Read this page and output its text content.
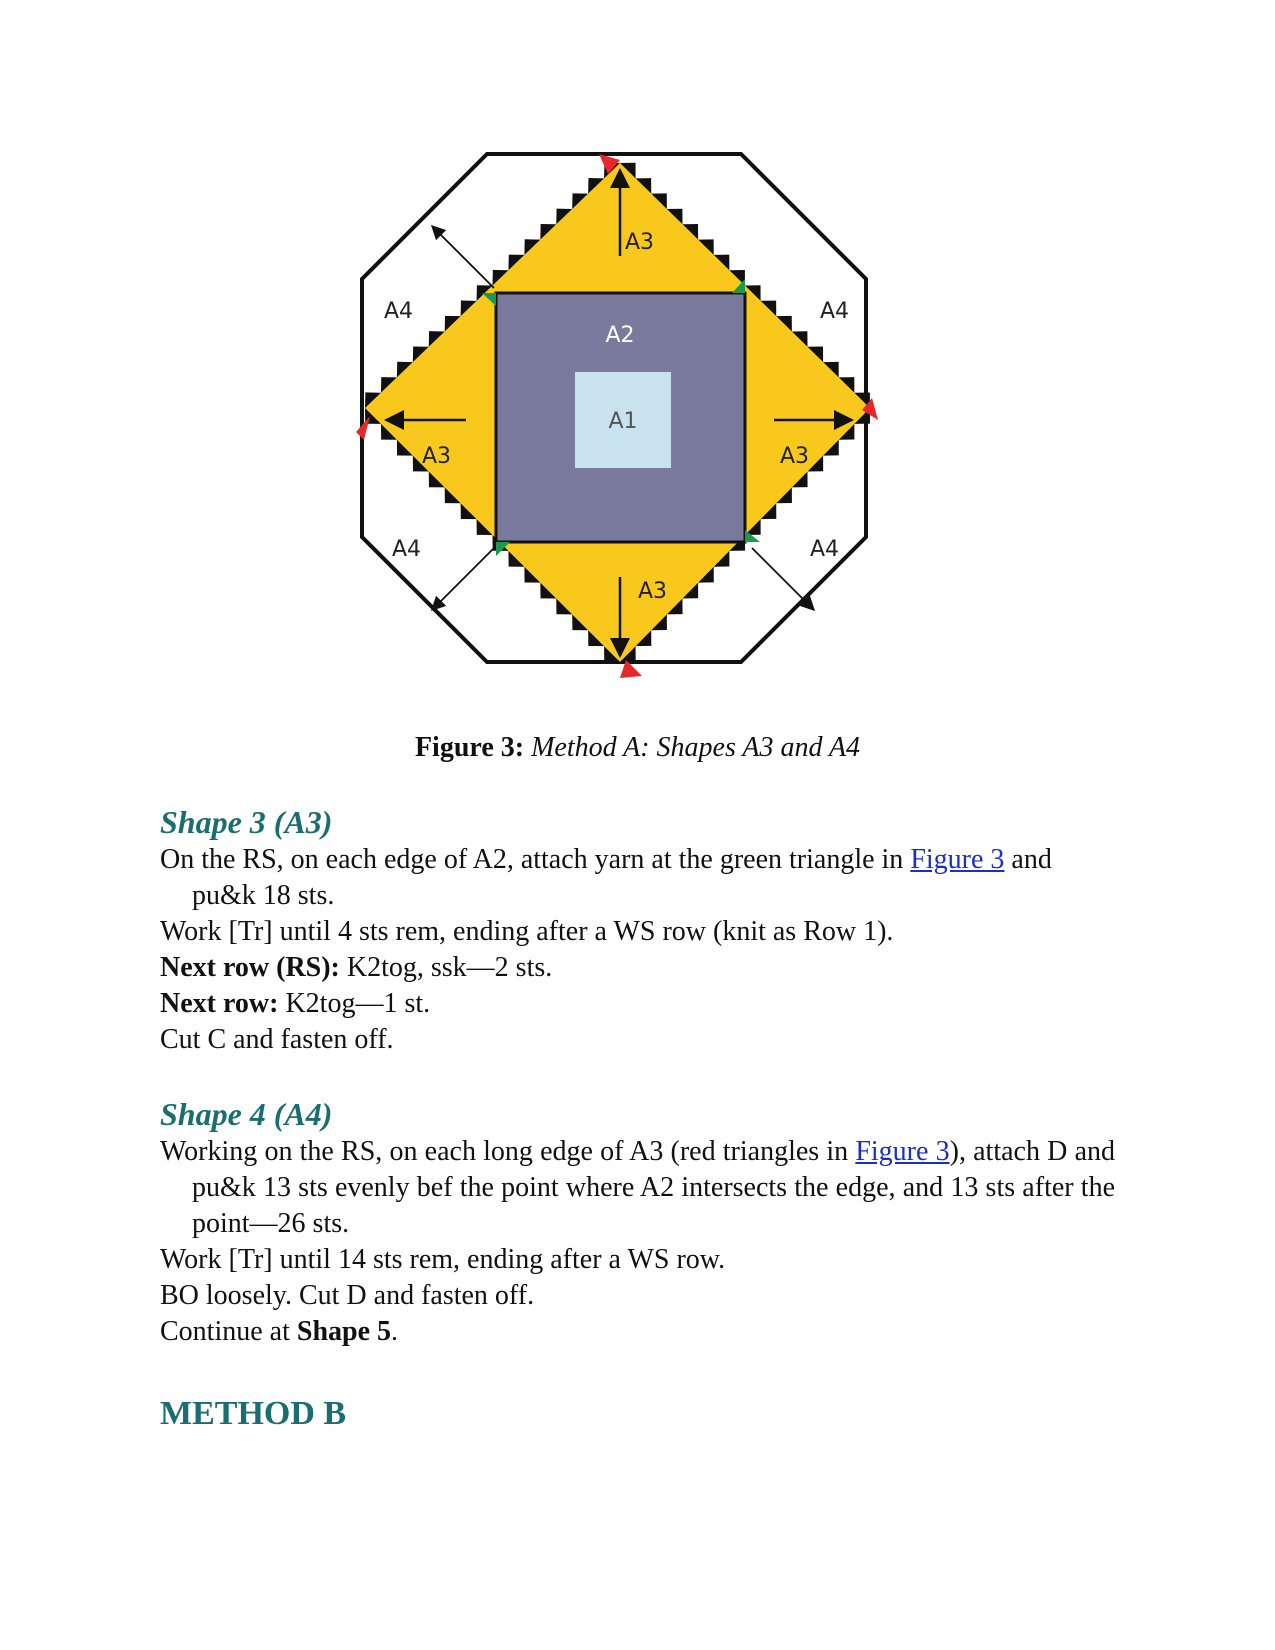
A1
A2
A3
A3	A3
A3
A4	A4
A4	A4
Figure 3: Method A: Shapes A3 and A4
Shape 3 (A3)

On the RS, on each edge of A2, attach yarn at the green triangle in Figure 3 and pu&k 18 sts.

Work [Tr] until 4 sts rem, ending after a WS row (knit as Row 1).

Next row (RS): K2tog, ssk—2 sts.

Next row: K2tog—1 st.

Cut C and fasten off.

Shape 4 (A4)

Working on the RS, on each long edge of A3 (red triangles in Figure 3), attach D and pu&k 13 sts evenly bef the point where A2 intersects the edge, and 13 sts after the point—26 sts.

Work [Tr] until 14 sts rem, ending after a WS row.

BO loosely. Cut D and fasten off.

Continue at Shape 5.

METHOD B
